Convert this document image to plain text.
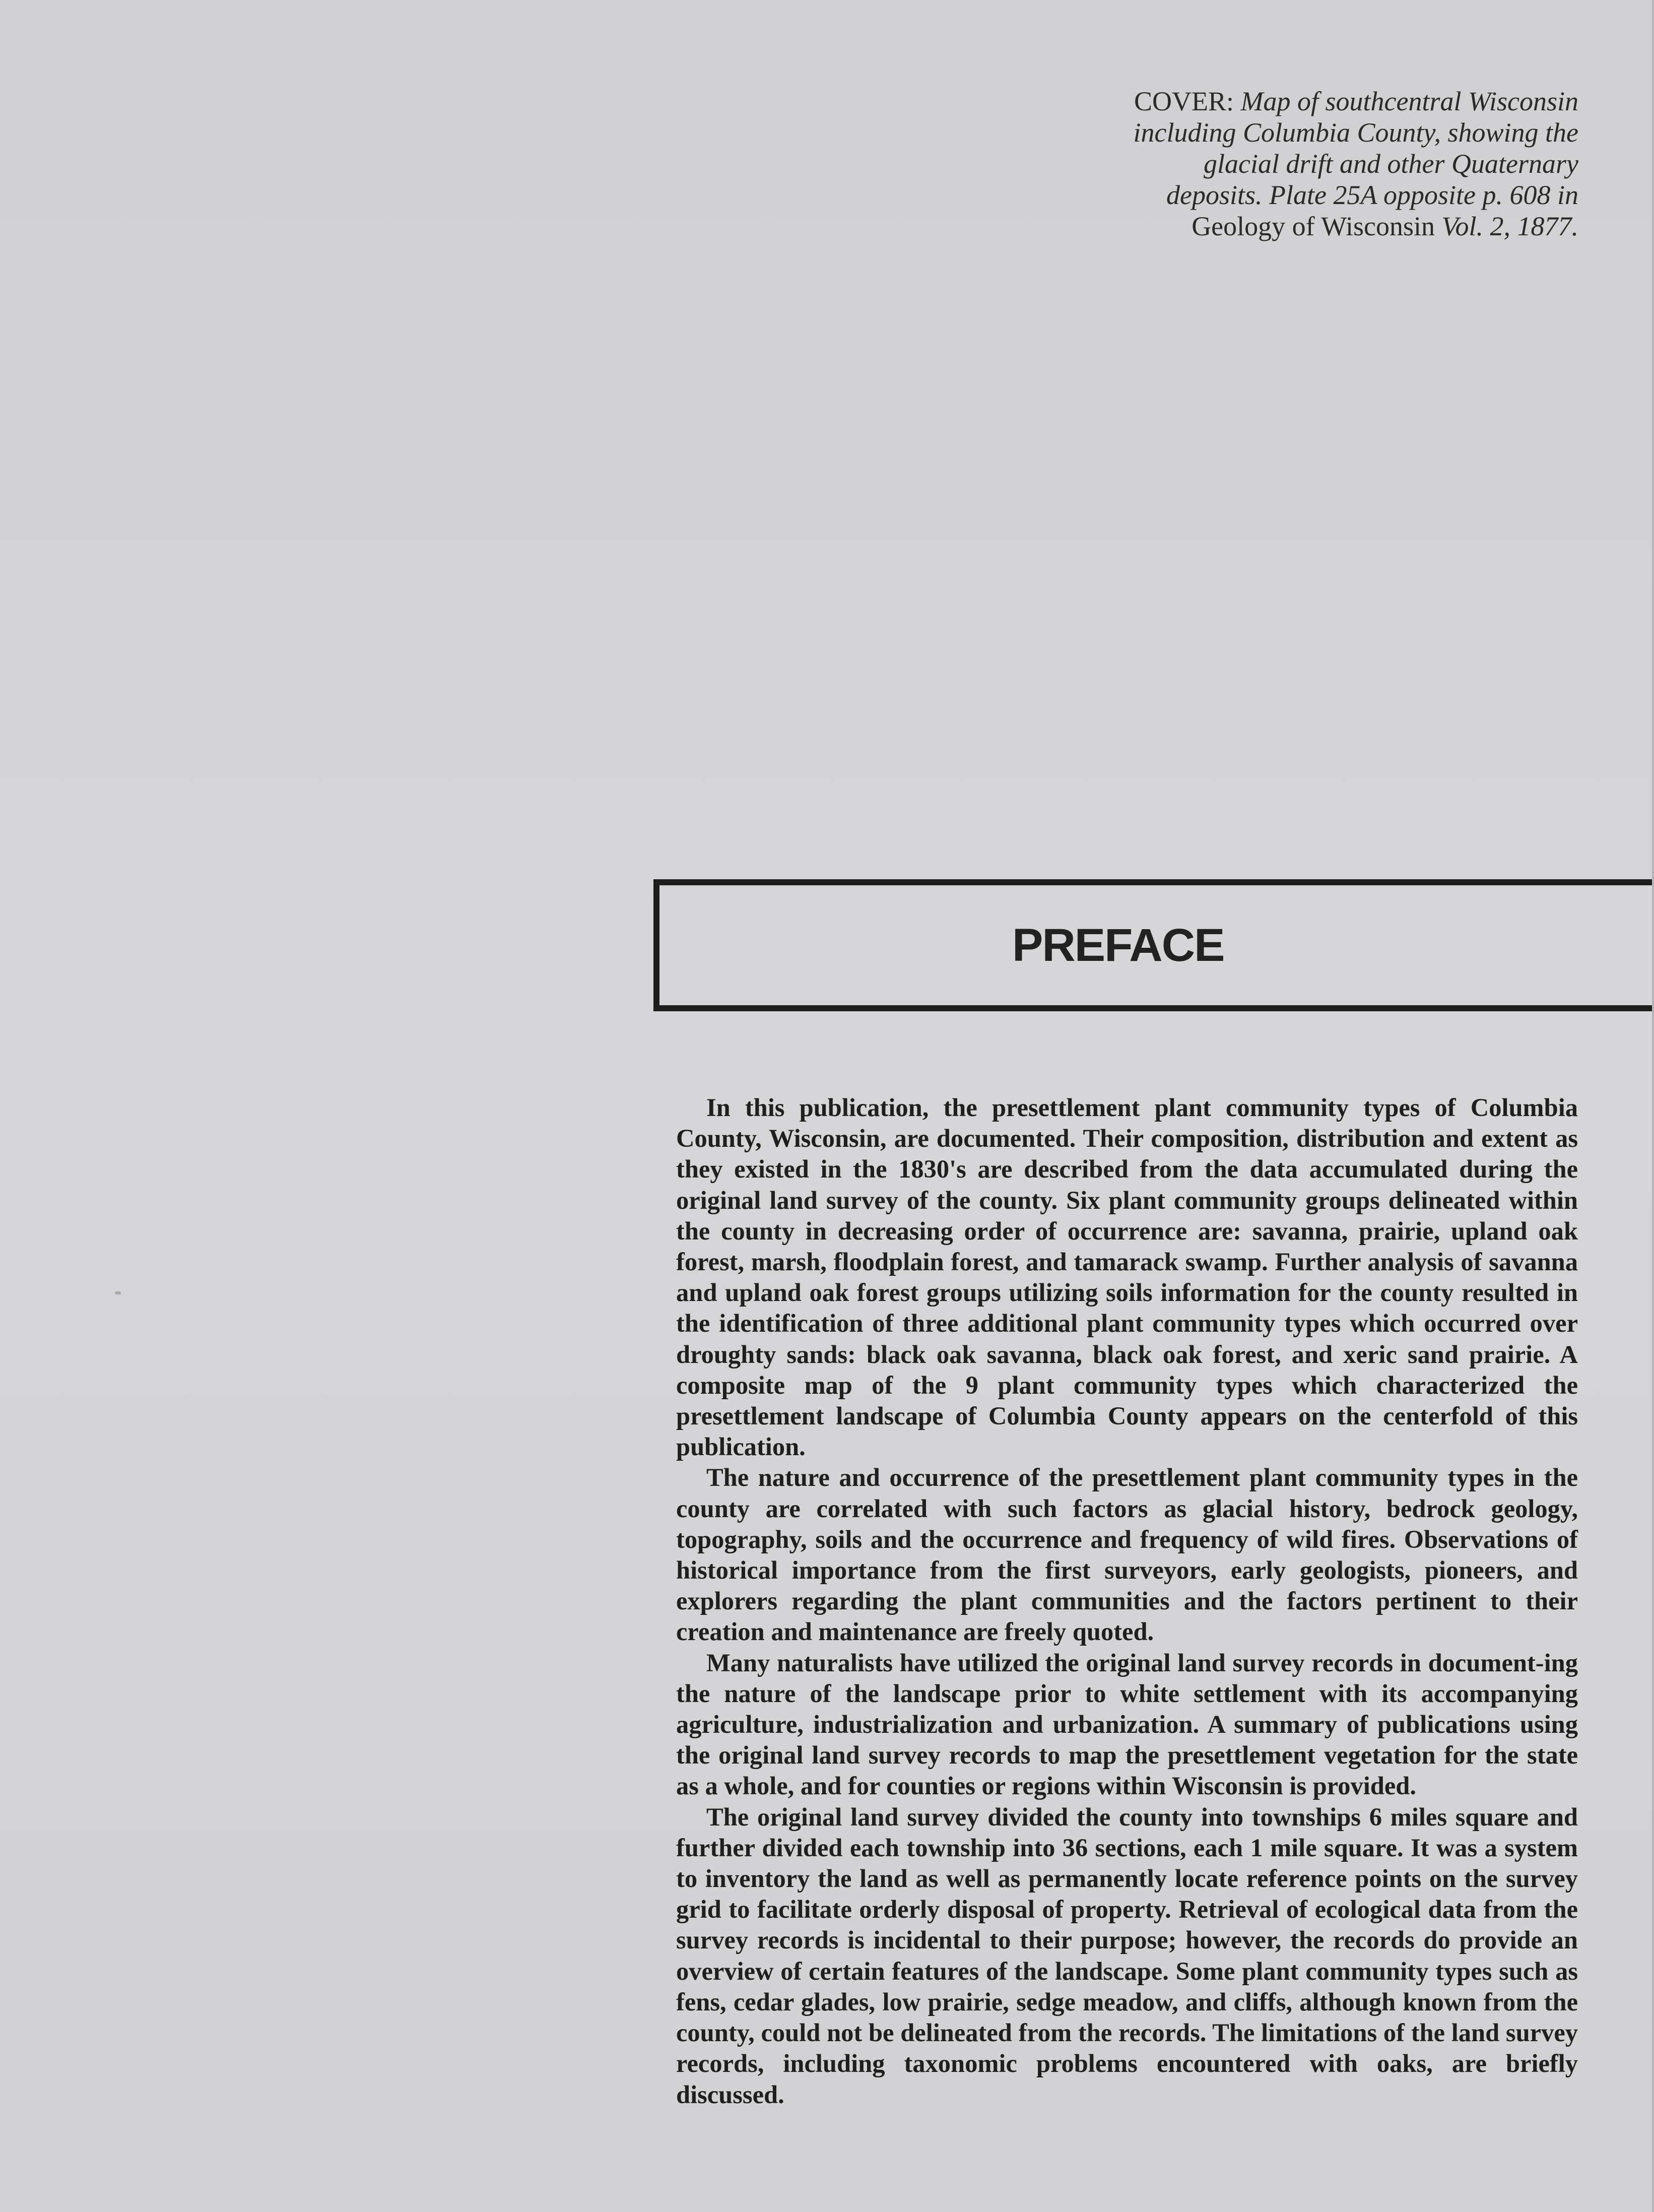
COVER: Map of southcentral Wisconsin including Columbia County, showing the glacial drift and other Quaternary deposits. Plate 25A opposite p. 608 in Geology of Wisconsin Vol. 2, 1877.
PREFACE

In this publication, the presettlement plant community types of Columbia County, Wisconsin, are documented. Their composition, distribution and extent as they existed in the 1830's are described from the data accumulated during the original land survey of the county. Six plant community groups delineated within the county in decreasing order of occurrence are: savanna, prairie, upland oak forest, marsh, floodplain forest, and tamarack swamp. Further analysis of savanna and upland oak forest groups utilizing soils information for the county resulted in the identification of three additional plant community types which occurred over droughty sands: black oak savanna, black oak forest, and xeric sand prairie. A composite map of the 9 plant community types which characterized the presettlement landscape of Columbia County appears on the centerfold of this publication.

The nature and occurrence of the presettlement plant community types in the county are correlated with such factors as glacial history, bedrock geology, topography, soils and the occurrence and frequency of wild fires. Observations of historical importance from the first surveyors, early geologists, pioneers, and explorers regarding the plant communities and the factors pertinent to their creation and maintenance are freely quoted.

Many naturalists have utilized the original land survey records in document-ing the nature of the landscape prior to white settlement with its accompanying agriculture, industrialization and urbanization. A summary of publications using the original land survey records to map the presettlement vegetation for the state as a whole, and for counties or regions within Wisconsin is provided.

The original land survey divided the county into townships 6 miles square and further divided each township into 36 sections, each 1 mile square. It was a system to inventory the land as well as permanently locate reference points on the survey grid to facilitate orderly disposal of property. Retrieval of ecological data from the survey records is incidental to their purpose; however, the records do provide an overview of certain features of the landscape. Some plant community types such as fens, cedar glades, low prairie, sedge meadow, and cliffs, although known from the county, could not be delineated from the records. The limitations of the land survey records, including taxonomic problems encountered with oaks, are briefly discussed.
